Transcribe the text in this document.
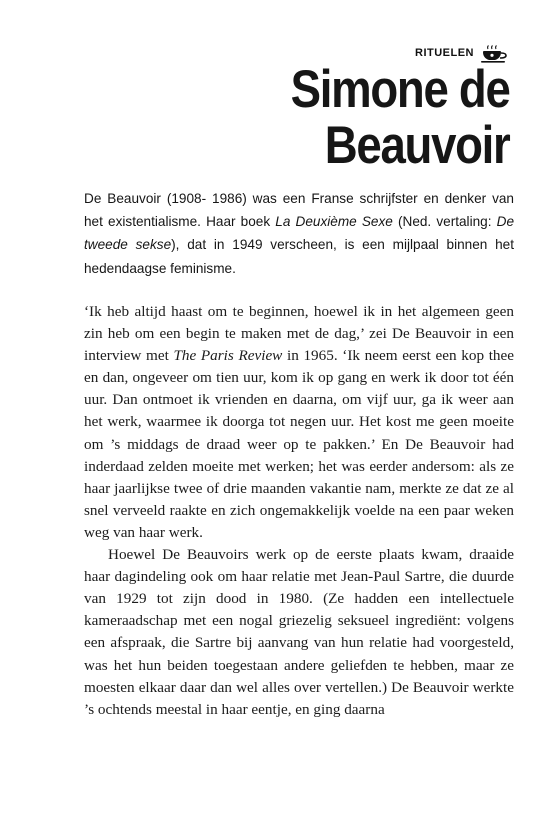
RITUELEN
Simone de
Beauvoir

De Beauvoir (1908- 1986) was een Franse schrijfster en denker van het existentialisme. Haar boek La Deuxième Sexe (Ned. vertaling: De tweede sekse), dat in 1949 verscheen, is een mijlpaal binnen het hedendaagse feminisme.

‘Ik heb altijd haast om te beginnen, hoewel ik in het algemeen geen zin heb om een begin te maken met de dag,’ zei De Beauvoir in een interview met The Paris Review in 1965. ‘Ik neem eerst een kop thee en dan, ongeveer om tien uur, kom ik op gang en werk ik door tot één uur. Dan ontmoet ik vrienden en daarna, om vijf uur, ga ik weer aan het werk, waarmee ik doorga tot negen uur. Het kost me geen moeite om ’s middags de draad weer op te pakken.’ En De Beauvoir had inderdaad zelden moeite met werken; het was eerder andersom: als ze haar jaarlijkse twee of drie maanden vakantie nam, merkte ze dat ze al snel verveeld raakte en zich ongemakkelijk voelde na een paar weken weg van haar werk.

Hoewel De Beauvoirs werk op de eerste plaats kwam, draaide haar dagindeling ook om haar relatie met Jean-Paul Sartre, die duurde van 1929 tot zijn dood in 1980. (Ze hadden een intellectuele kameraadschap met een nogal griezelig seksueel ingrediënt: volgens een afspraak, die Sartre bij aanvang van hun relatie had voorgesteld, was het hun beiden toegestaan andere geliefden te hebben, maar ze moesten elkaar daar dan wel alles over vertellen.) De Beauvoir werkte ’s ochtends meestal in haar eentje, en ging daarna
